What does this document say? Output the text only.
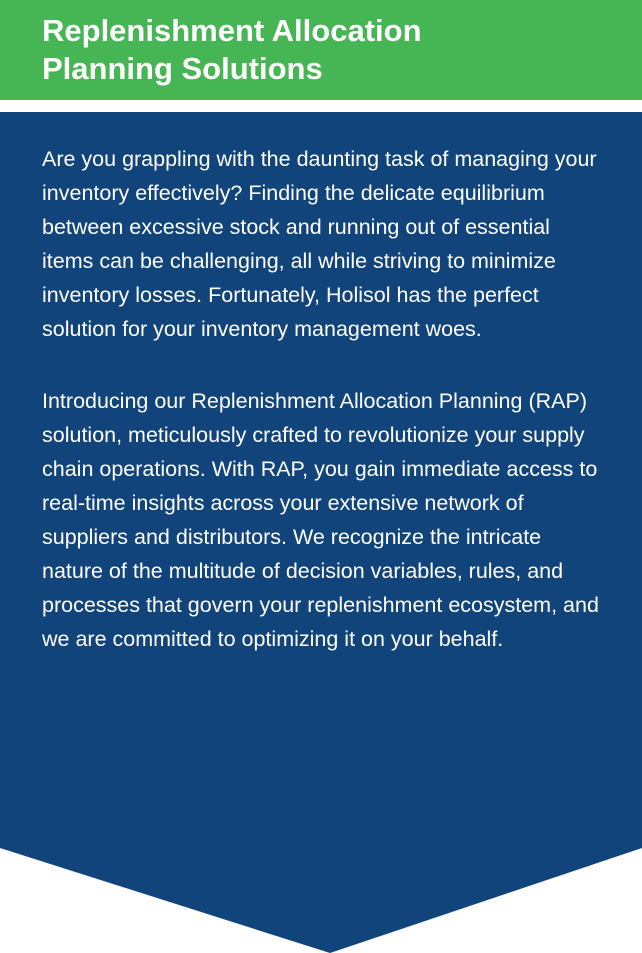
Replenishment Allocation
Planning Solutions

Are you grappling with the daunting task of managing your inventory effectively? Finding the delicate equilibrium between excessive stock and running out of essential items can be challenging, all while striving to minimize inventory losses. Fortunately, Holisol has the perfect solution for your inventory management woes.

Introducing our Replenishment Allocation Planning (RAP) solution, meticulously crafted to revolutionize your supply chain operations. With RAP, you gain immediate access to real-time insights across your extensive network of suppliers and distributors. We recognize the intricate nature of the multitude of decision variables, rules, and processes that govern your replenishment ecosystem, and we are committed to optimizing it on your behalf.
